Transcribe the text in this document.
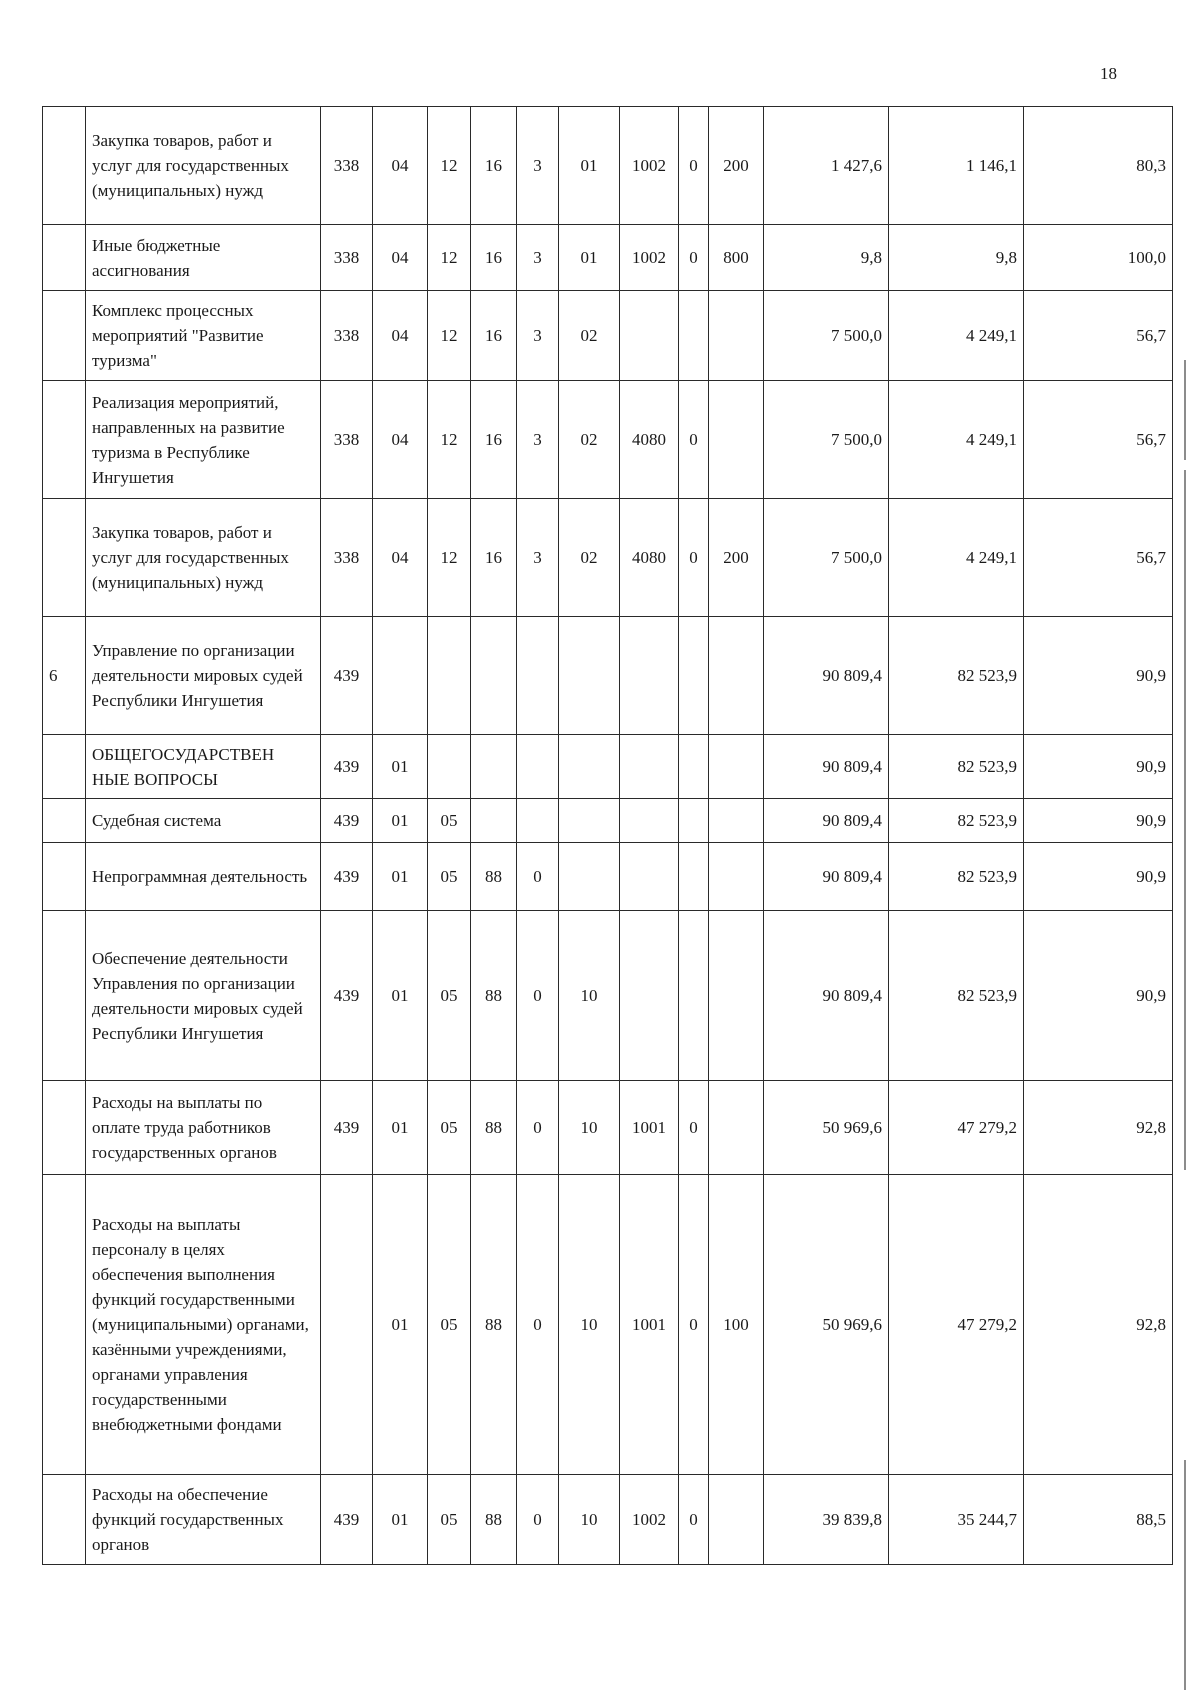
18
	Закупка товаров, работ и услуг для государственных (муниципальных) нужд	338	04	12	16	3	01	1002	0	200	1 427,6	1 146,1	80,3
	Иные бюджетные ассигнования	338	04	12	16	3	01	1002	0	800	9,8	9,8	100,0
	Комплекс процессных мероприятий "Развитие туризма"	338	04	12	16	3	02				7 500,0	4 249,1	56,7
	Реализация мероприятий, направленных на развитие туризма в Республике Ингушетия	338	04	12	16	3	02	4080	0		7 500,0	4 249,1	56,7
	Закупка товаров, работ и услуг для государственных (муниципальных) нужд	338	04	12	16	3	02	4080	0	200	7 500,0	4 249,1	56,7
6	Управление по организации деятельности мировых судей Республики Ингушетия	439									90 809,4	82 523,9	90,9
	ОБЩЕГОСУДАРСТВЕН НЫЕ ВОПРОСЫ	439	01								90 809,4	82 523,9	90,9
	Судебная система	439	01	05							90 809,4	82 523,9	90,9
	Непрограммная деятельность	439	01	05	88	0					90 809,4	82 523,9	90,9
	Обеспечение деятельности Управления по организации деятельности мировых судей Республики Ингушетия	439	01	05	88	0	10				90 809,4	82 523,9	90,9
	Расходы на выплаты по оплате труда работников государственных органов	439	01	05	88	0	10	1001	0		50 969,6	47 279,2	92,8
	Расходы на выплаты персоналу в целях обеспечения выполнения функций государственными (муниципальными) органами, казёнными учреждениями, органами управления государственными внебюджетными фондами		01	05	88	0	10	1001	0	100	50 969,6	47 279,2	92,8
	Расходы на обеспечение функций государственных органов	439	01	05	88	0	10	1002	0		39 839,8	35 244,7	88,5
